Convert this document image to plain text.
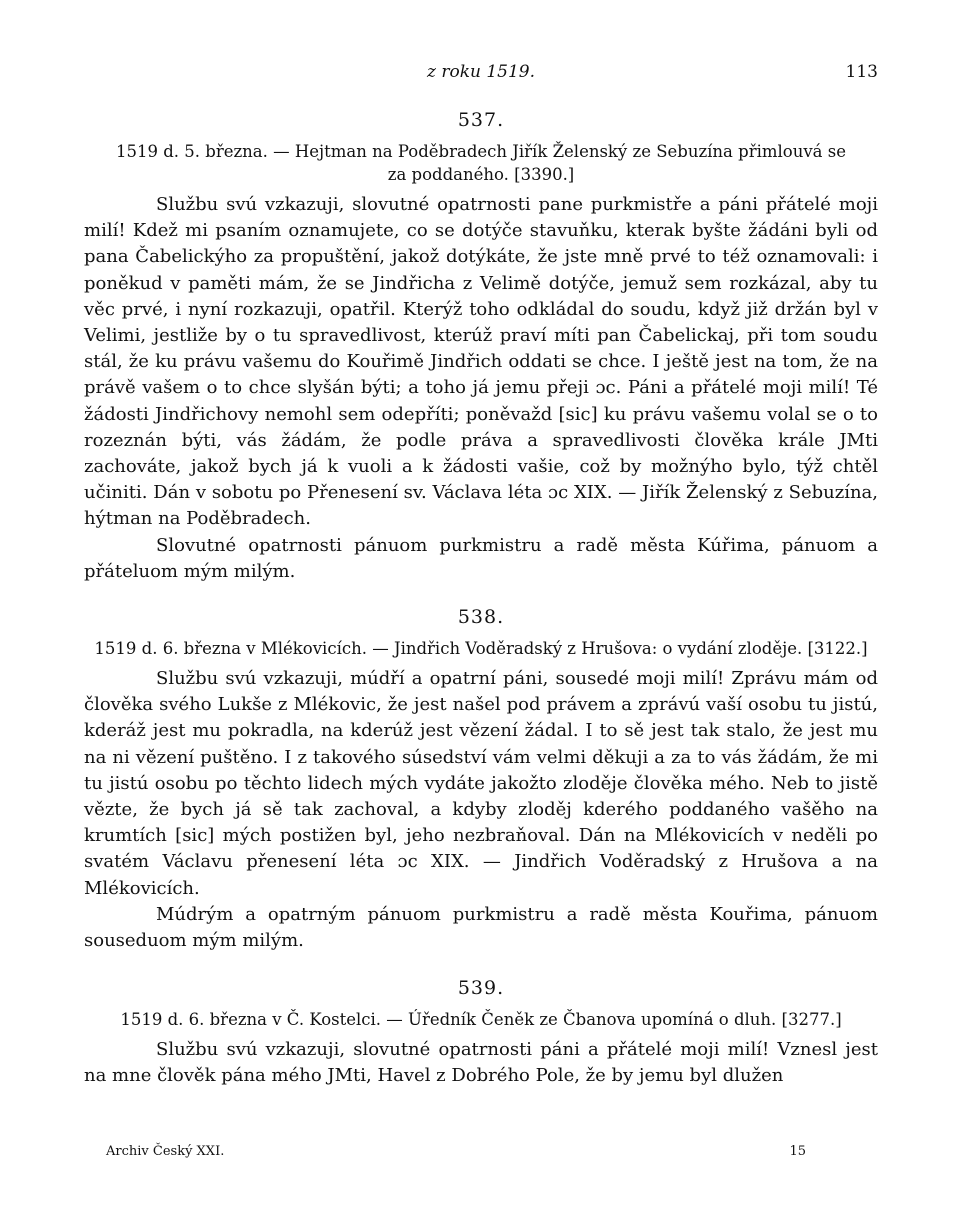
z roku 1519.	113
537.
1519 d. 5. března. — Hejtman na Poděbradech Jiřík Želenský ze Sebuzína přimlouvá se
za poddaného. [3390.]

Službu svú vzkazuji, slovutné opatrnosti pane purkmistře a páni přátelé moji milí! Kdež mi psaním oznamujete, co se dotýče stavuňku, kterak byšte žádáni byli od pana Čabelickýho za propuštění, jakož dotýkáte, že jste mně prvé to též oznamovali: i poněkud v paměti mám, že se Jindřicha z Velimě dotýče, jemuž sem rozkázal, aby tu věc prvé, i nyní rozkazuji, opatřil. Kterýž toho odkládal do soudu, když již držán byl v Velimi, jestliže by o tu spravedlivost, kterúž praví míti pan Čabelickaj, při tom soudu stál, že ku právu vašemu do Kouřimě Jindřich oddati se chce. I ještě jest na tom, že na právě vašem o to chce slyšán býti; a toho já jemu přeji ɔc. Páni a přátelé moji milí! Té žádosti Jindřichovy nemohl sem odepříti; poněvažd [sic] ku právu vašemu volal se o to rozeznán býti, vás žádám, že podle práva a spravedlivosti člověka krále JMti zachováte, jakož bych já k vuoli a k žádosti vašie, což by možnýho bylo, týž chtěl učiniti. Dán v sobotu po Přenesení sv. Václava léta ɔc XIX. — Jiřík Želenský z Sebuzína, hýtman na Poděbradech.

Slovutné opatrnosti pánuom purkmistru a radě města Kúřima, pánuom a přáteluom mým milým.

538.
1519 d. 6. března v Mlékovicích. — Jindřich Voděradský z Hrušova: o vydání zloděje. [3122.]

Službu svú vzkazuji, múdří a opatrní páni, sousedé moji milí! Zprávu mám od člověka svého Lukše z Mlékovic, že jest našel pod právem a zprávú vaší osobu tu jistú, kderáž jest mu pokradla, na kderúž jest vězení žádal. I to sě jest tak stalo, že jest mu na ni vězení puštěno. I z takového súsedství vám velmi děkuji a za to vás žádám, že mi tu jistú osobu po těchto lidech mých vydáte jakožto zloděje člověka mého. Neb to jistě vězte, že bych já sě tak zachoval, a kdyby zloděj kderého poddaného vašěho na krumtích [sic] mých postižen byl, jeho nezbraňoval. Dán na Mlékovicích v neděli po svatém Václavu přenesení léta ɔc XIX. — Jindřich Voděradský z Hrušova a na Mlékovicích.

Múdrým a opatrným pánuom purkmistru a radě města Kouřima, pánuom souseduom mým milým.

539.
1519 d. 6. března v Č. Kostelci. — Úředník Čeněk ze Čbanova upomíná o dluh. [3277.]

Službu svú vzkazuji, slovutné opatrnosti páni a přátelé moji milí! Vznesl jest na mne člověk pána mého JMti, Havel z Dobrého Pole, že by jemu byl dlužen

Archiv Český XXI.	15
